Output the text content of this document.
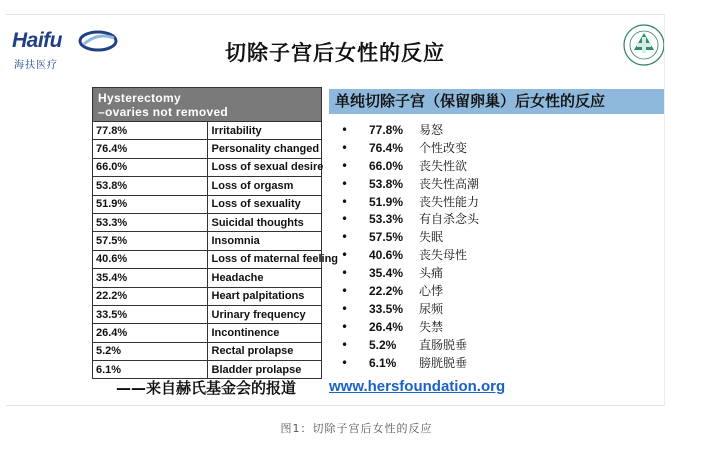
Haifu
海扶医疗
切除子宫后女性的反应
Hysterectomy
–ovaries not removed	

77.8%	Irritability
76.4%	Personality changed
66.0%	Loss of sexual desire
53.8%	Loss of orgasm
51.9%	Loss of sexuality
53.3%	Suicidal thoughts
57.5%	Insomnia
40.6%	Loss of maternal feeling
35.4%	Headache
22.2%	Heart palpitations
33.5%	Urinary frequency
26.4%	Incontinence
5.2%	Rectal prolapse
6.1%	Bladder prolapse
单纯切除子宫（保留卵巢）后女性的反应
• 77.8% 易怒
• 76.4% 个性改变
• 66.0% 丧失性欲
• 53.8% 丧失性高潮
• 51.9% 丧失性能力
• 53.3% 有自杀念头
• 57.5% 失眠
• 40.6% 丧失母性
• 35.4% 头痛
• 22.2% 心悸
• 33.5% 尿频
• 26.4% 失禁
• 5.2% 直肠脱垂
• 6.1% 膀胱脱垂
——来自赫氏基金会的报道 www.hersfoundation.org
图1：切除子宫后女性的反应
